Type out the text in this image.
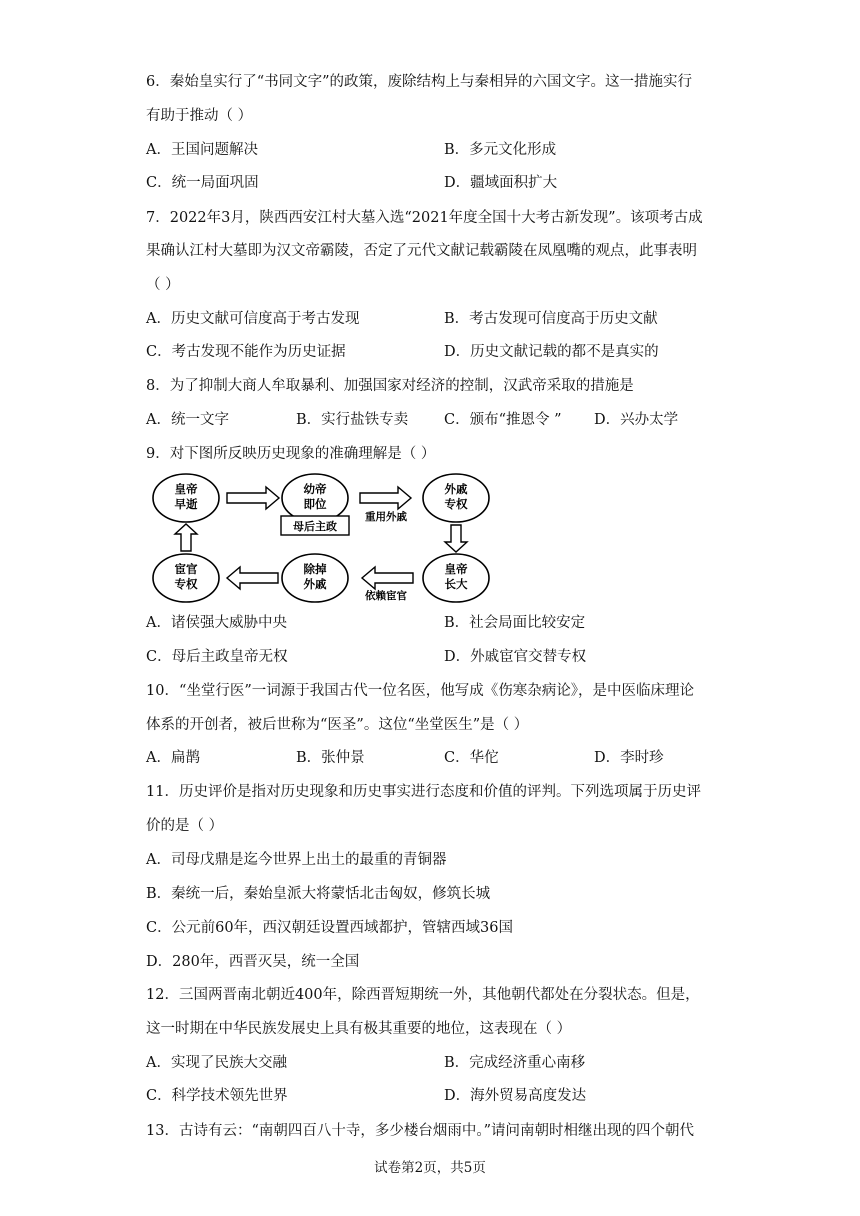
6．秦始皇实行了“书同文字”的政策，废除结构上与秦相异的六国文字。这一措施实行
有助于推动（ ）
A．王国问题解决	B．多元文化形成
C．统一局面巩固	D．疆域面积扩大
7．2022年3月，陕西西安江村大墓入选“2021年度全国十大考古新发现”。该项考古成
果确认江村大墓即为汉文帝霸陵，否定了元代文献记载霸陵在凤凰嘴的观点，此事表明
（ ）
A．历史文献可信度高于考古发现	B．考古发现可信度高于历史文献
C．考古发现不能作为历史证据	D．历史文献记载的都不是真实的
8．为了抑制大商人牟取暴利、加强国家对经济的控制，汉武帝采取的措施是
A．统一文字	B．实行盐铁专卖 C．颁布“推恩令 ” D．兴办太学
9．对下图所反映历史现象的准确理解是（ ）
皇帝
早逝
幼帝
即位
母后主政
外戚
专权
皇帝
长大
除掉
外戚
宦官
专权
重用外戚
依赖宦官
A．诸侯强大威胁中央	B．社会局面比较安定
C．母后主政皇帝无权	D．外戚宦官交替专权
10．“坐堂行医”一词源于我国古代一位名医，他写成《伤寒杂病论》，是中医临床理论
体系的开创者，被后世称为“医圣”。这位“坐堂医生”是（ ）
A．扁鹊	B．张仲景	C．华佗	D．李时珍
11．历史评价是指对历史现象和历史事实进行态度和价值的评判。下列选项属于历史评
价的是（ ）
A．司母戊鼎是迄今世界上出土的最重的青铜器
B．秦统一后，秦始皇派大将蒙恬北击匈奴，修筑长城
C．公元前60年，西汉朝廷设置西域都护，管辖西域36国
D．280年，西晋灭吴，统一全国
12．三国两晋南北朝近400年，除西晋短期统一外，其他朝代都处在分裂状态。但是，
这一时期在中华民族发展史上具有极其重要的地位，这表现在（ ）
A．实现了民族大交融	B．完成经济重心南移
C．科学技术领先世界	D．海外贸易高度发达
13．古诗有云：“南朝四百八十寺，多少楼台烟雨中。”请问南朝时相继出现的四个朝代
试卷第2页，共5页
